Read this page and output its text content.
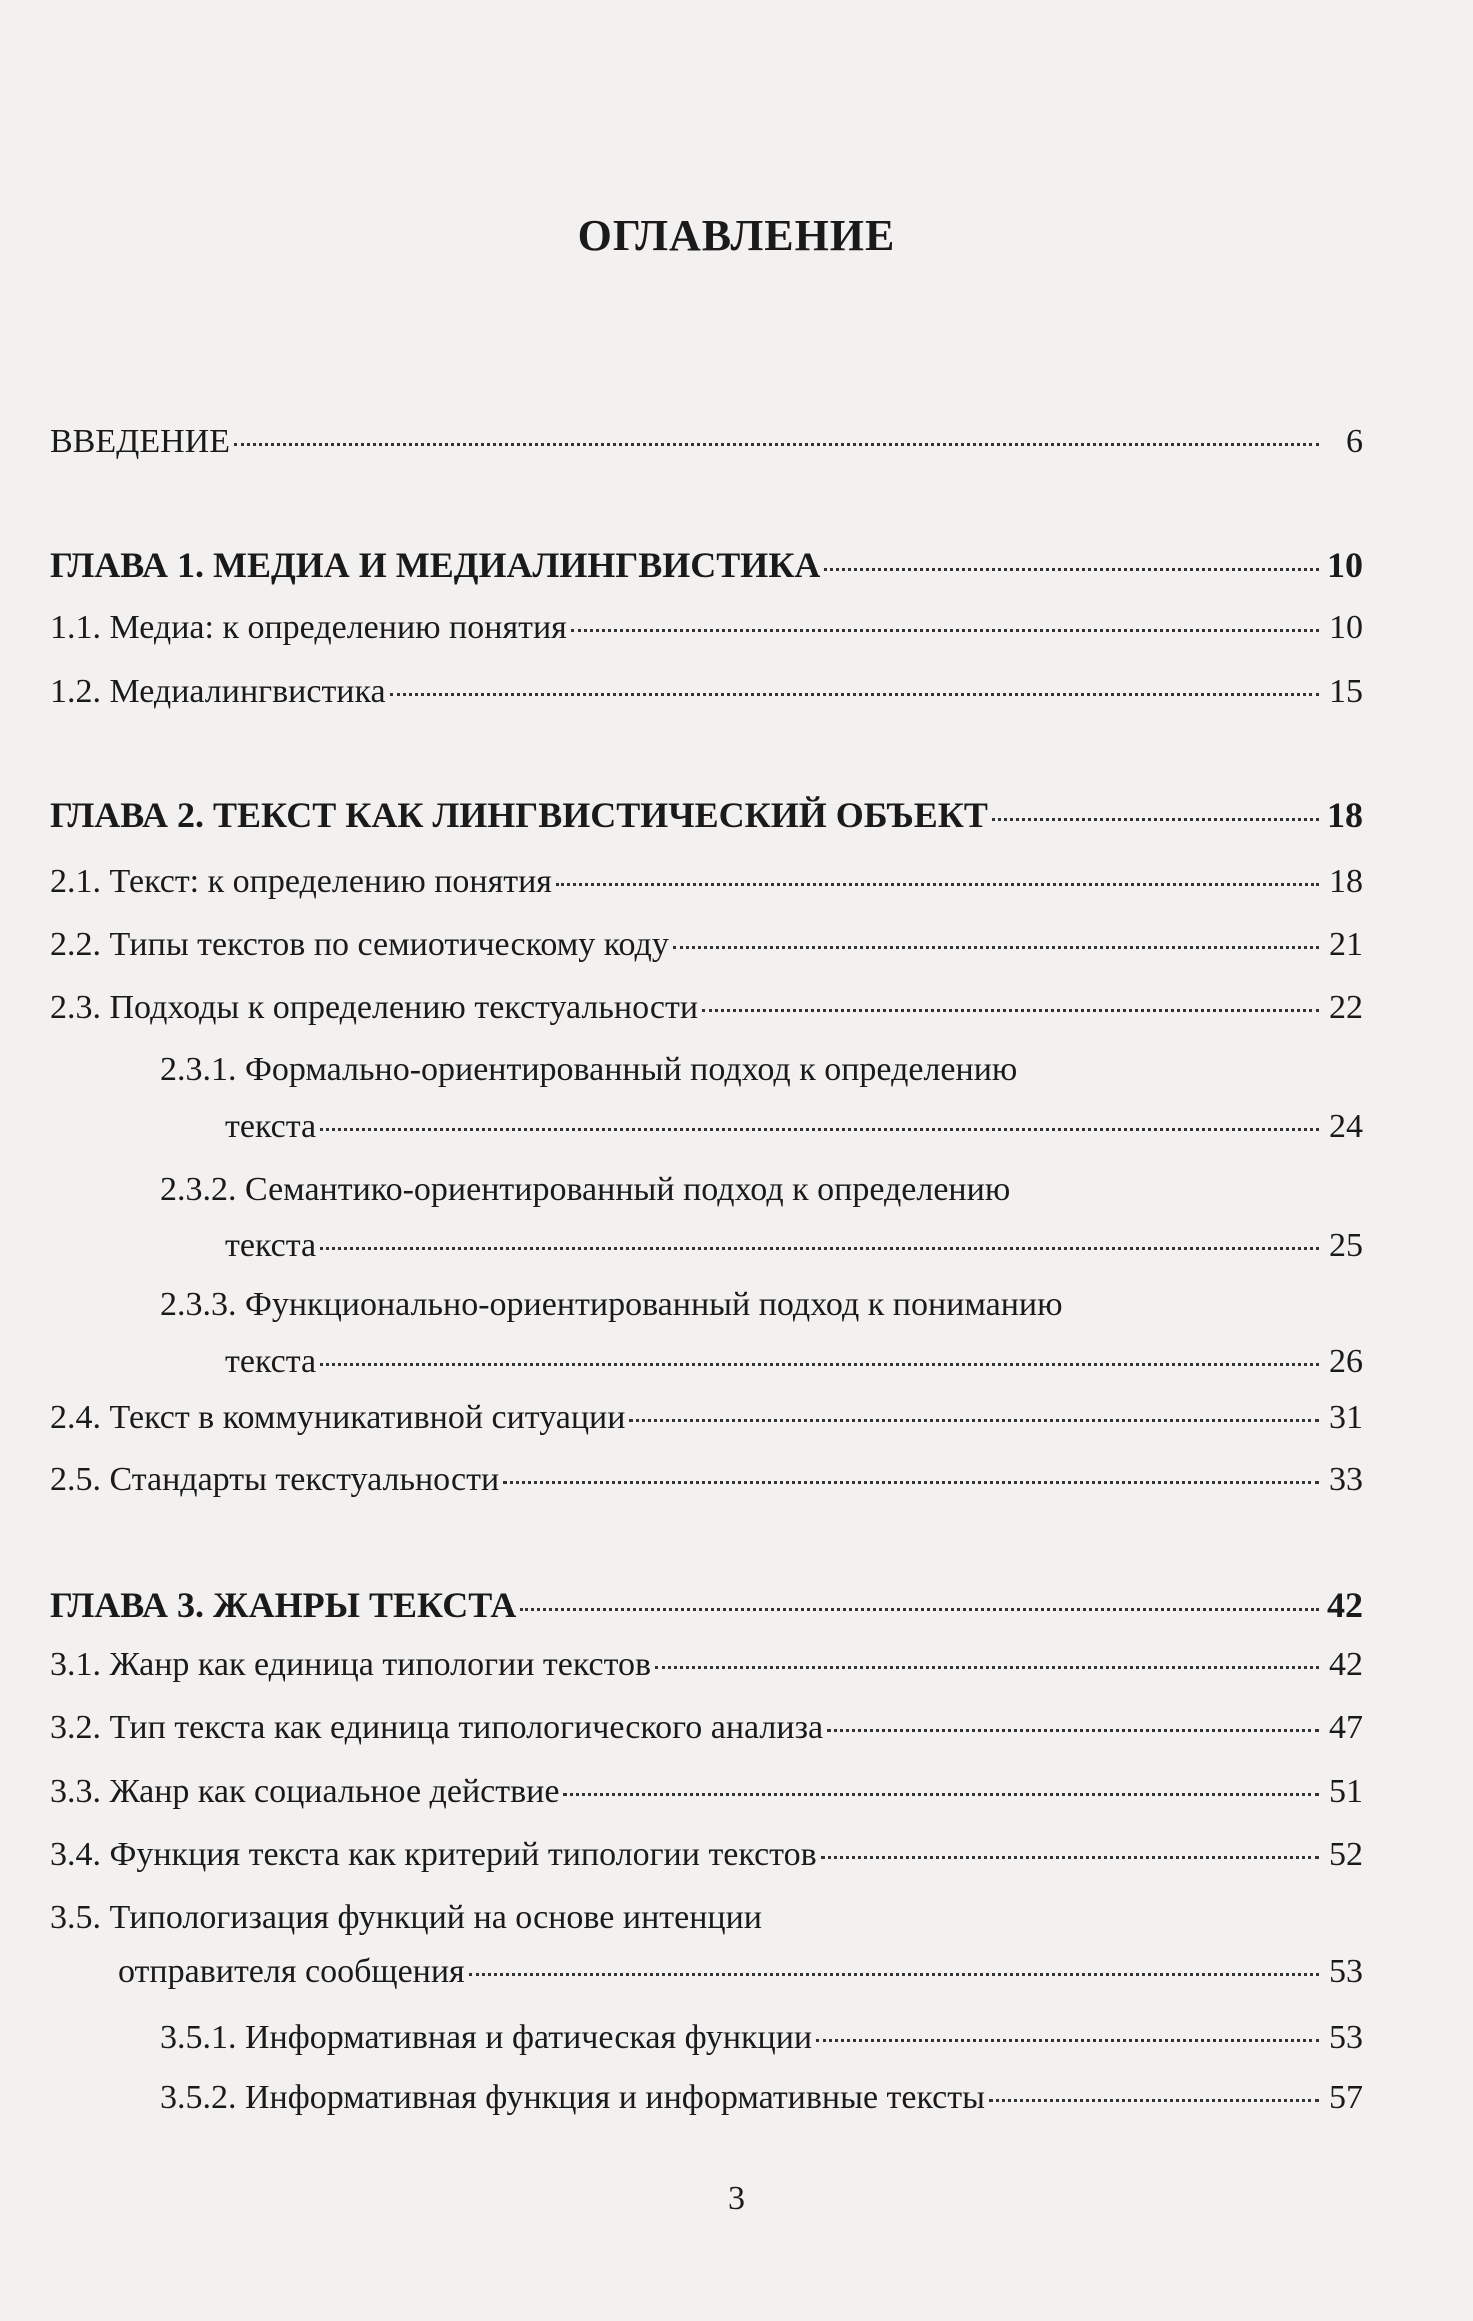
ОГЛАВЛЕНИЕ
ВВЕДЕНИЕ	6
ГЛАВА 1. МЕДИА И МЕДИАЛИНГВИСТИКА	10
1.1. Медиа: к определению понятия	10
1.2. Медиалингвистика	15
ГЛАВА 2. ТЕКСТ КАК ЛИНГВИСТИЧЕСКИЙ ОБЪЕКТ	18
2.1. Текст: к определению понятия	18
2.2. Типы текстов по семиотическому коду	21
2.3. Подходы к определению текстуальности	22
2.3.1. Формально-ориентированный подход к определению
текста	24
2.3.2. Семантико-ориентированный подход к определению
текста	25
2.3.3. Функционально-ориентированный подход к пониманию
текста	26
2.4. Текст в коммуникативной ситуации	31
2.5. Стандарты текстуальности	33
ГЛАВА 3. ЖАНРЫ ТЕКСТА	42
3.1. Жанр как единица типологии текстов	42
3.2. Тип текста как единица типологического анализа	47
3.3. Жанр как социальное действие	51
3.4. Функция текста как критерий типологии текстов	52
3.5. Типологизация функций на основе интенции
отправителя сообщения	53
3.5.1. Информативная и фатическая функции	53
3.5.2. Информативная функция и информативные тексты	57
3
